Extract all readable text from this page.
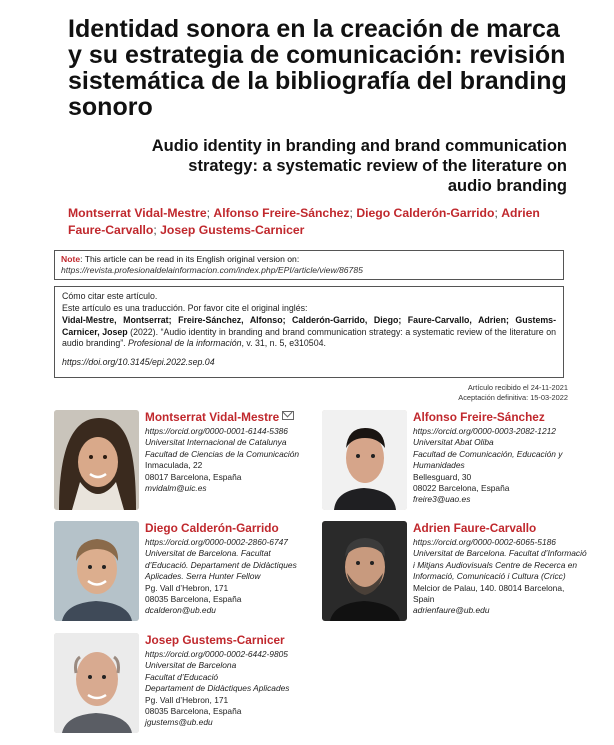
Identidad sonora en la creación de marca y su estrategia de comunicación: revisión sistemática de la bibliografía del branding sonoro
Audio identity in branding and brand communication strategy: a systematic review of the literature on audio branding

Montserrat Vidal-Mestre; Alfonso Freire-Sánchez; Diego Calderón-Garrido; Adrien Faure-Carvallo; Josep Gustems-Carnicer

Note: This article can be read in its English original version on:
https://revista.profesionaldelainformacion.com/index.php/EPI/article/view/86785

Cómo citar este artículo.

Este artículo es una traducción. Por favor cite el original inglés:

Vidal-Mestre, Montserrat; Freire-Sánchez, Alfonso; Calderón-Garrido, Diego; Faure-Carvallo, Adrien; Gustems-Carnicer, Josep (2022). “Audio identity in branding and brand communication strategy: a systematic review of the literature on audio branding”. Profesional de la información, v. 31, n. 5, e310504.

https://doi.org/10.3145/epi.2022.sep.04

Artículo recibido el 24-11-2021
Aceptación definitiva: 15-03-2022
Montserrat Vidal-Mestre
https://orcid.org/0000-0001-6144-5386
Universitat Internacional de Catalunya
Facultad de Ciencias de la Comunicación
Inmaculada, 22
08017 Barcelona, España
mvidalm@uic.es
Alfonso Freire-Sánchez
https://orcid.org/0000-0003-2082-1212
Universitat Abat Oliba
Facultad de Comunicación, Educación y Humanidades
Bellesguard, 30
08022 Barcelona, España
freire3@uao.es
Diego Calderón-Garrido
https://orcid.org/0000-0002-2860-6747
Universitat de Barcelona. Facultat d’Educació. Departament de Didàctiques Aplicades. Serra Hunter Fellow
Pg. Vall d’Hebron, 171
08035 Barcelona, España
dcalderon@ub.edu
Adrien Faure-Carvallo
https://orcid.org/0000-0002-6065-5186
Universitat de Barcelona. Facultat d’Informació i Mitjans Audiovisuals Centre de Recerca en Informació, Comunicació i Cultura (Cricc)
Melcior de Palau, 140. 08014 Barcelona, Spain
adrienfaure@ub.edu
Josep Gustems-Carnicer
https://orcid.org/0000-0002-6442-9805
Universitat de Barcelona
Facultat d’Educació
Departament de Didàctiques Aplicades
Pg. Vall d’Hebron, 171
08035 Barcelona, España
jgustems@ub.edu
